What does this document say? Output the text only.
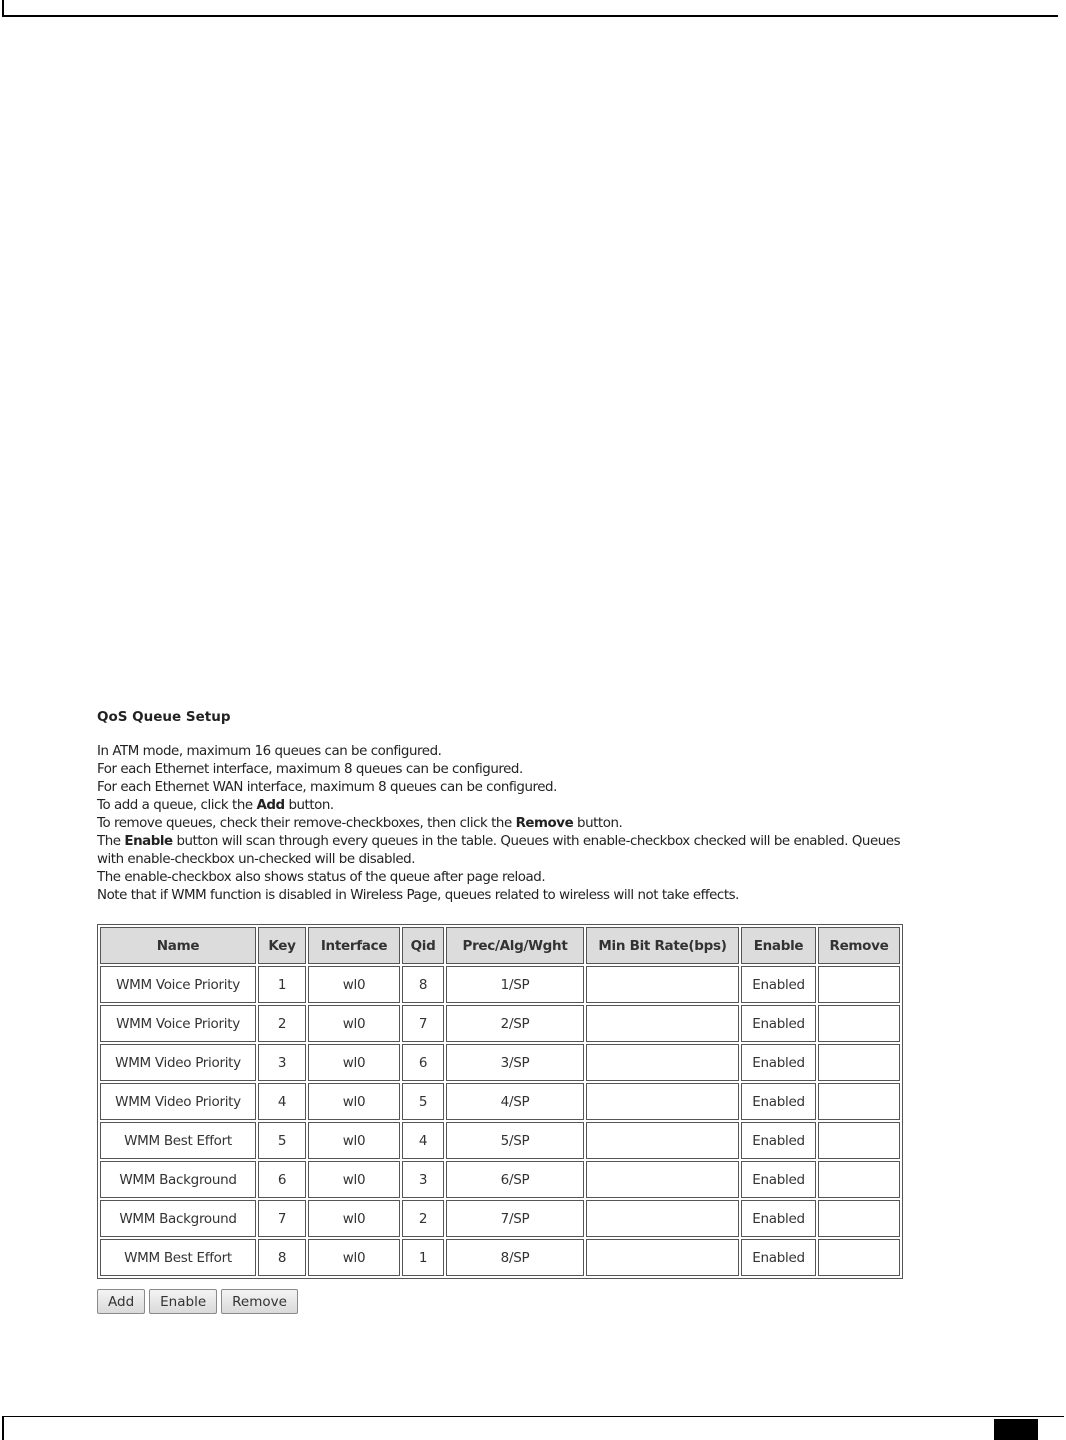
QoS Queue Setup
In ATM mode, maximum 16 queues can be configured.
For each Ethernet interface, maximum 8 queues can be configured.
For each Ethernet WAN interface, maximum 8 queues can be configured.
To add a queue, click the Add button.
To remove queues, check their remove-checkboxes, then click the Remove button.
The Enable button will scan through every queues in the table. Queues with enable-checkbox checked will be enabled. Queues
with enable-checkbox un-checked will be disabled.
The enable-checkbox also shows status of the queue after page reload.
Note that if WMM function is disabled in Wireless Page, queues related to wireless will not take effects.
Name	Key	Interface	Qid	Prec/Alg/Wght	Min Bit Rate(bps)	Enable	Remove
WMM Voice Priority	1	wl0	8	1/SP		Enabled	
WMM Voice Priority	2	wl0	7	2/SP		Enabled	
WMM Video Priority	3	wl0	6	3/SP		Enabled	
WMM Video Priority	4	wl0	5	4/SP		Enabled	
WMM Best Effort	5	wl0	4	5/SP		Enabled	
WMM Background	6	wl0	3	6/SP		Enabled	
WMM Background	7	wl0	2	7/SP		Enabled	
WMM Best Effort	8	wl0	1	8/SP		Enabled	
Add	Enable	Remove
